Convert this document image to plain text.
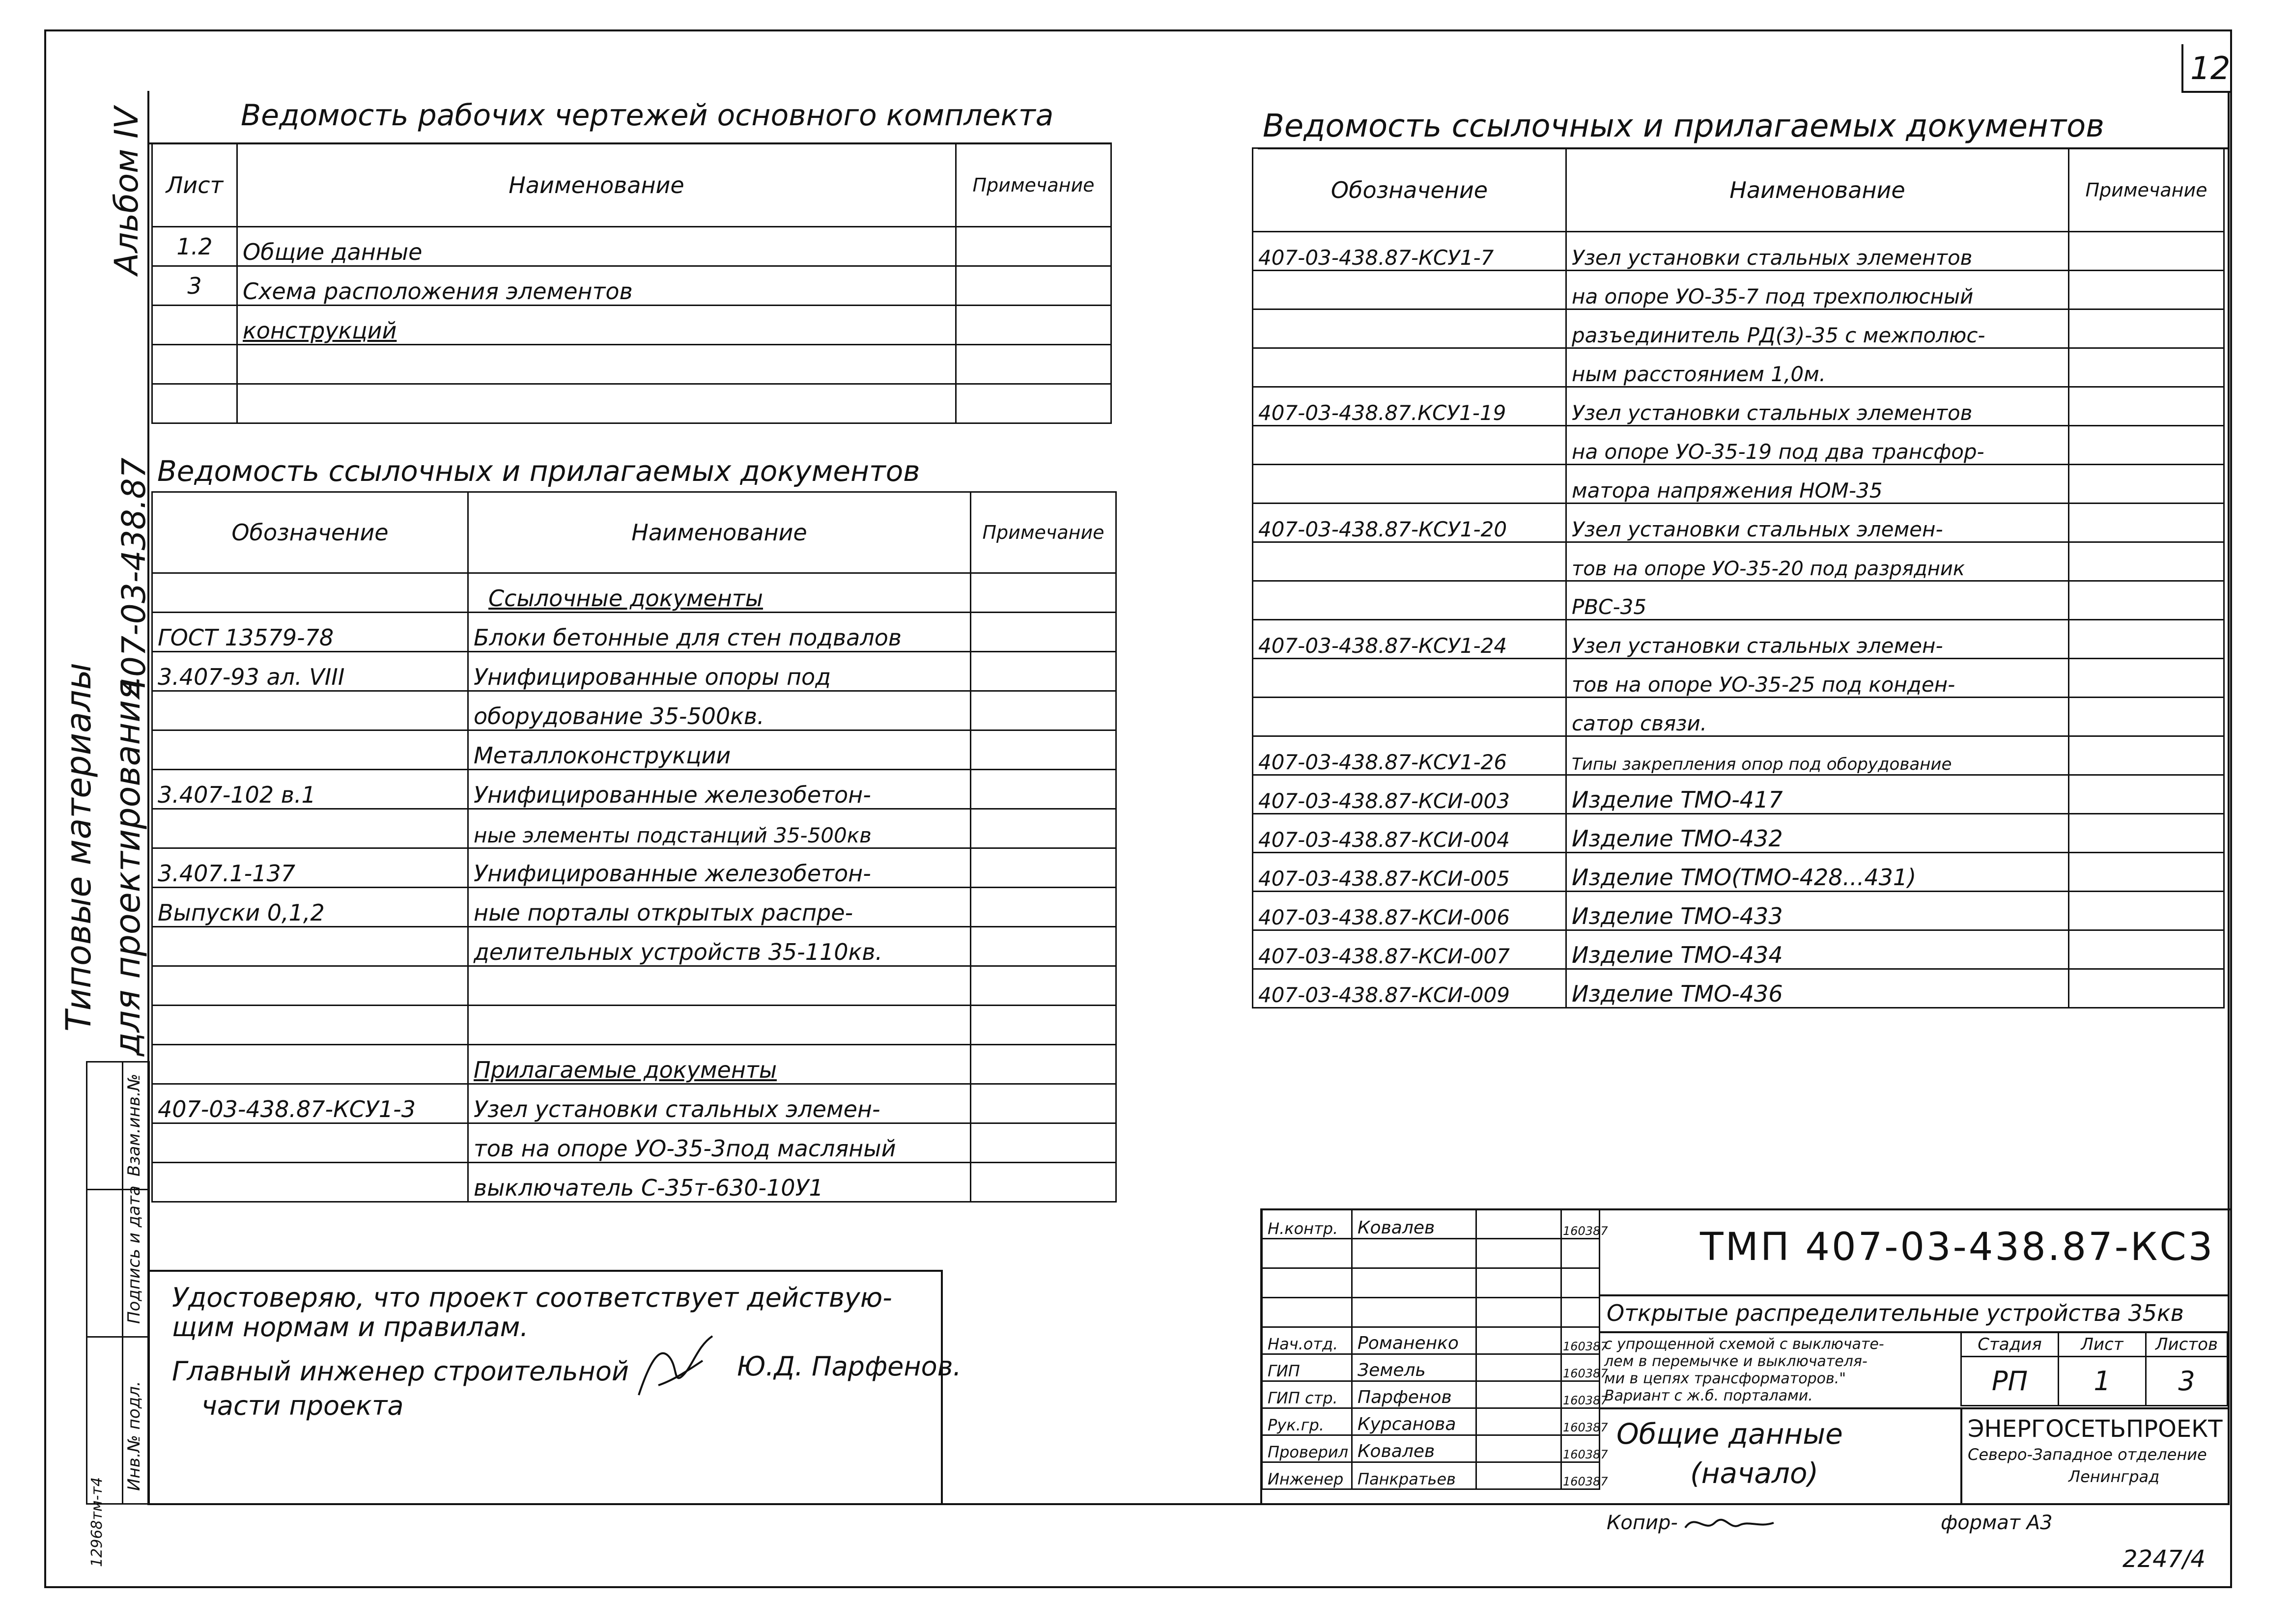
12
Альбом IV
407-03-438.87
Типовые материалы для проектирования

	Взам.инв.№

	Подпись и дата

12968тм-т4	Инв.№ подл.
Ведомость рабочих чертежей основного комплекта
Лист	Наименование	Примечание
1.2	Общие данные	
3	Схема расположения элементов	
	конструкций	

Ведомость ссылочных и прилагаемых документов
Обозначение	Наименование	Примечание
	Ссылочные документы	
ГОСТ 13579-78	Блоки бетонные для стен подвалов	
3.407-93 ал. VIII	Унифицированные опоры под	
	оборудование 35-500кв.	
	Металлоконструкции	
3.407-102 в.1	Унифицированные железобетон-	
	ные элементы подстанций 35-500кв	
3.407.1-137	Унифицированные железобетон-	
Выпуски 0,1,2	ные порталы открытых распре-	
	делительных устройств 35-110кв.	

	Прилагаемые документы	
407-03-438.87-КСУ1-3	Узел установки стальных элемен-	
	тов на опоре УО-35-3под масляный	
	выключатель С-35т-630-10У1	
Удостоверяю, что проект соответствует действую-
щим нормам и правилам.
Главный инженер строительной
части проекта
Ю.Д. Парфенов.
Ведомость ссылочных и прилагаемых документов
Обозначение	Наименование	Примечание
407-03-438.87-КСУ1-7	Узел установки стальных элементов	
	на опоре УО-35-7 под трехполюсный	
	разъединитель РД(3)-35 с межполюс-	
	ным расстоянием 1,0м.	
407-03-438.87.КСУ1-19	Узел установки стальных элементов	
	на опоре УО-35-19 под два трансфор-	
	матора напряжения НОМ-35	
407-03-438.87-КСУ1-20	Узел установки стальных элемен-	
	тов на опоре УО-35-20 под разрядник	
	РВС-35	
407-03-438.87-КСУ1-24	Узел установки стальных элемен-	
	тов на опоре УО-35-25 под конден-	
	сатор связи.	
407-03-438.87-КСУ1-26	Типы закрепления опор под оборудование	
407-03-438.87-КСИ-003	Изделие ТМО-417	
407-03-438.87-КСИ-004	Изделие ТМО-432	
407-03-438.87-КСИ-005	Изделие ТМО(ТМО-428...431)	
407-03-438.87-КСИ-006	Изделие ТМО-433	
407-03-438.87-КСИ-007	Изделие ТМО-434	
407-03-438.87-КСИ-009	Изделие ТМО-436	
Н.контр.	Ковалев		160387

Нач.отд.	Романенко		160387
ГИП	Земель		160387
ГИП стр.	Парфенов		160387
Рук.гр.	Курсанова		160387
Проверил	Ковалев		160387
Инженер	Панкратьев		160387
ТМП 407-03-438.87-КС3
Открытые распределительные устройства 35кв
с упрощенной схемой с выключате-
лем в перемычке и выключателя-
ми в цепях трансформаторов."
Вариант с ж.б. порталами.
Стадия	Лист	Листов
РП	1	3
Общие данные
(начало)
ЭНЕРГОСЕТЬПРОЕКТ
Северо-Западное отделение
Ленинград
Копир-	формат А3
2247/4
